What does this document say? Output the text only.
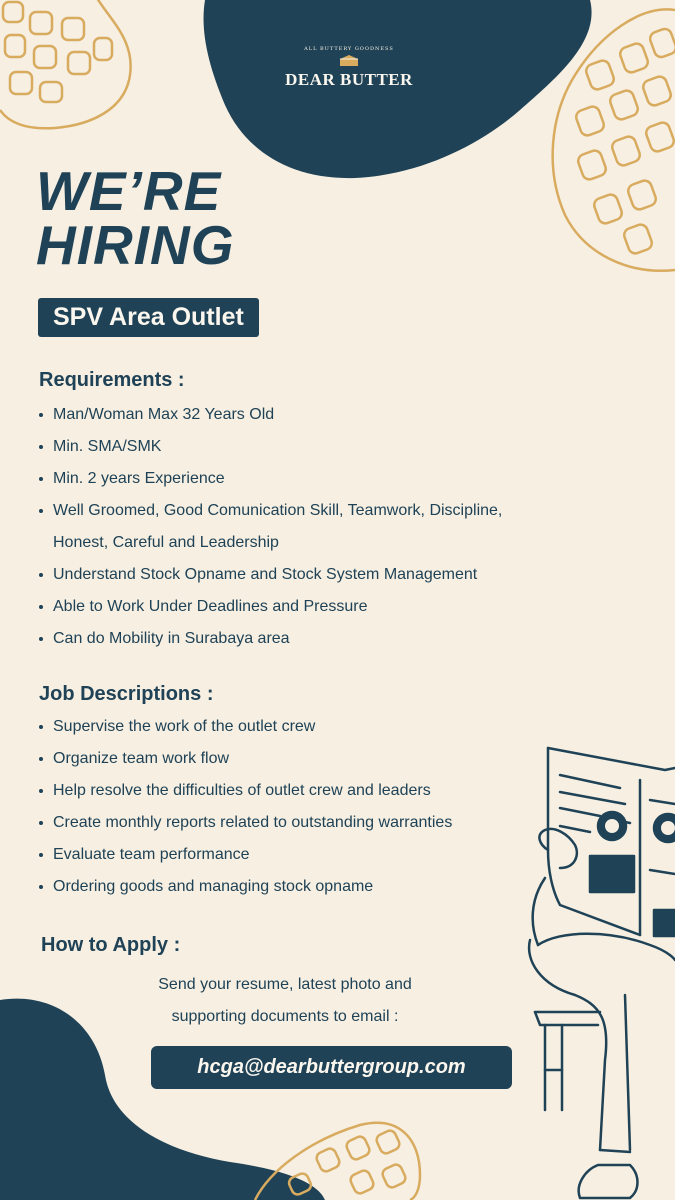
ALL BUTTERY GOODNESS
DEAR BUTTER
WE’RE
HIRING
SPV Area Outlet
Requirements :
Man/Woman Max 32 Years Old
Min. SMA/SMK
Min. 2 years Experience
Well Groomed, Good Comunication Skill, Teamwork, Discipline,
Honest, Careful and Leadership
Understand Stock Opname and Stock System Management
Able to Work Under Deadlines and Pressure
Can do Mobility in Surabaya area
Job Descriptions :
Supervise the work of the outlet crew
Organize team work flow
Help resolve the difficulties of outlet crew and leaders
Create monthly reports related to outstanding warranties
Evaluate team performance
Ordering goods and managing stock opname
How to Apply :

Send your resume, latest photo and
supporting documents to email :

hcga@dearbuttergroup.com
